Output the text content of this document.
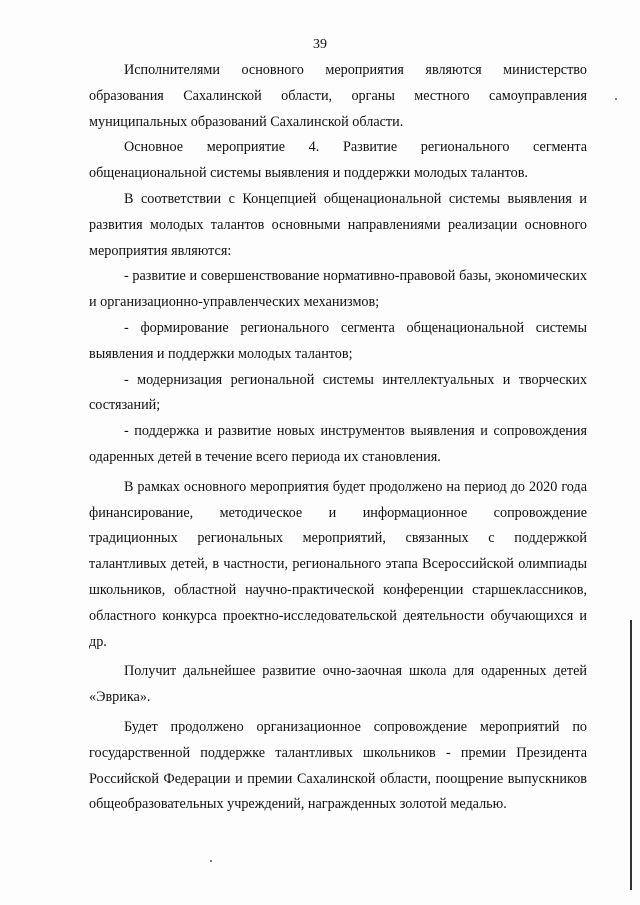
39

Исполнителями основного мероприятия являются министерство образования Сахалинской области, органы местного самоуправления муниципальных образований Сахалинской области.

Основное мероприятие 4. Развитие регионального сегмента общенациональной системы выявления и поддержки молодых талантов.

В соответствии с Концепцией общенациональной системы выявления и развития молодых талантов основными направлениями реализации основного мероприятия являются:

- развитие и совершенствование нормативно-правовой базы, экономических и организационно-управленческих механизмов;

- формирование регионального сегмента общенациональной системы выявления и поддержки молодых талантов;

- модернизация региональной системы интеллектуальных и творческих состязаний;

- поддержка и развитие новых инструментов выявления и сопровождения одаренных детей в течение всего периода их становления.

В рамках основного мероприятия будет продолжено на период до 2020 года финансирование, методическое и информационное сопровождение традиционных региональных мероприятий, связанных с поддержкой талантливых детей, в частности, регионального этапа Всероссийской олимпиады школьников, областной научно-практической конференции старшеклассников, областного конкурса проектно-исследовательской деятельности обучающихся и др.

Получит дальнейшее развитие очно-заочная школа для одаренных детей «Эврика».

Будет продолжено организационное сопровождение мероприятий по государственной поддержке талантливых школьников - премии Президента Российской Федерации и премии Сахалинской области, поощрение выпускников общеобразовательных учреждений, награжденных золотой медалью.
